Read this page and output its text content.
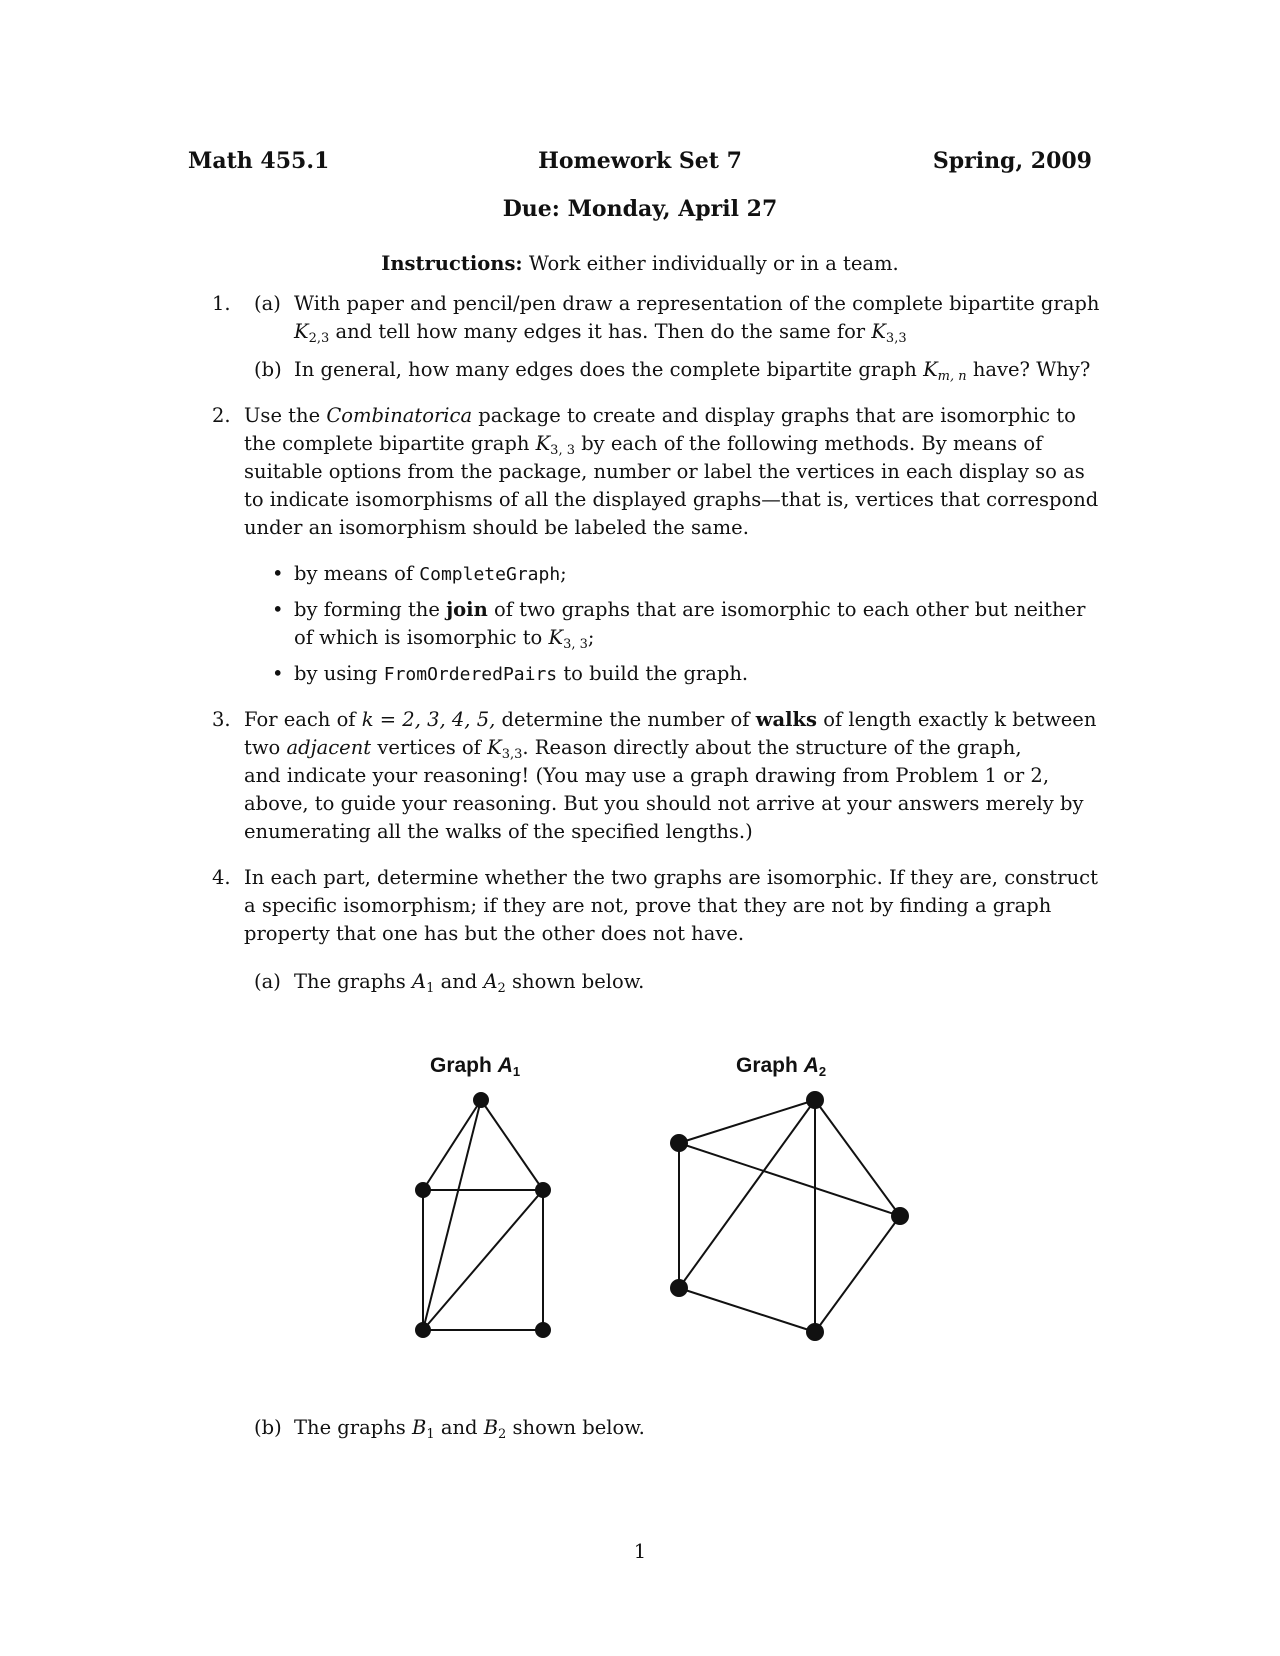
Math 455.1	Homework Set 7	Spring, 2009
Due: Monday, April 27
Instructions: Work either individually or in a team.
1. (a) With paper and pencil/pen draw a representation of the complete bipartite graph
$K_{2,3}$ and tell how many edges it has. Then do the same for $K_{3,3}$
(b) In general, how many edges does the complete bipartite graph $K_{m, n}$ have? Why?
2. Use the Combinatorica package to create and display graphs that are isomorphic to
the complete bipartite graph $K_{3, 3}$ by each of the following methods. By means of
suitable options from the package, number or label the vertices in each display so as
to indicate isomorphisms of all the displayed graphs—that is, vertices that correspond
under an isomorphism should be labeled the same.
• by means of CompleteGraph;
• by forming the join of two graphs that are isomorphic to each other but neither
of which is isomorphic to $K_{3, 3}$;
• by using FromOrderedPairs to build the graph.
3. For each of k = 2, 3, 4, 5, determine the number of walks of length exactly k between
two adjacent vertices of $K_{3,3}$. Reason directly about the structure of the graph,
and indicate your reasoning! (You may use a graph drawing from Problem 1 or 2,
above, to guide your reasoning. But you should not arrive at your answers merely by
enumerating all the walks of the specified lengths.)
4. In each part, determine whether the two graphs are isomorphic. If they are, construct
a specific isomorphism; if they are not, prove that they are not by finding a graph
property that one has but the other does not have.
(a) The graphs $A_1$ and $A_2$ shown below.
Graph $A_1$	Graph $A_2$
(b) The graphs $B_1$ and $B_2$ shown below.
1
